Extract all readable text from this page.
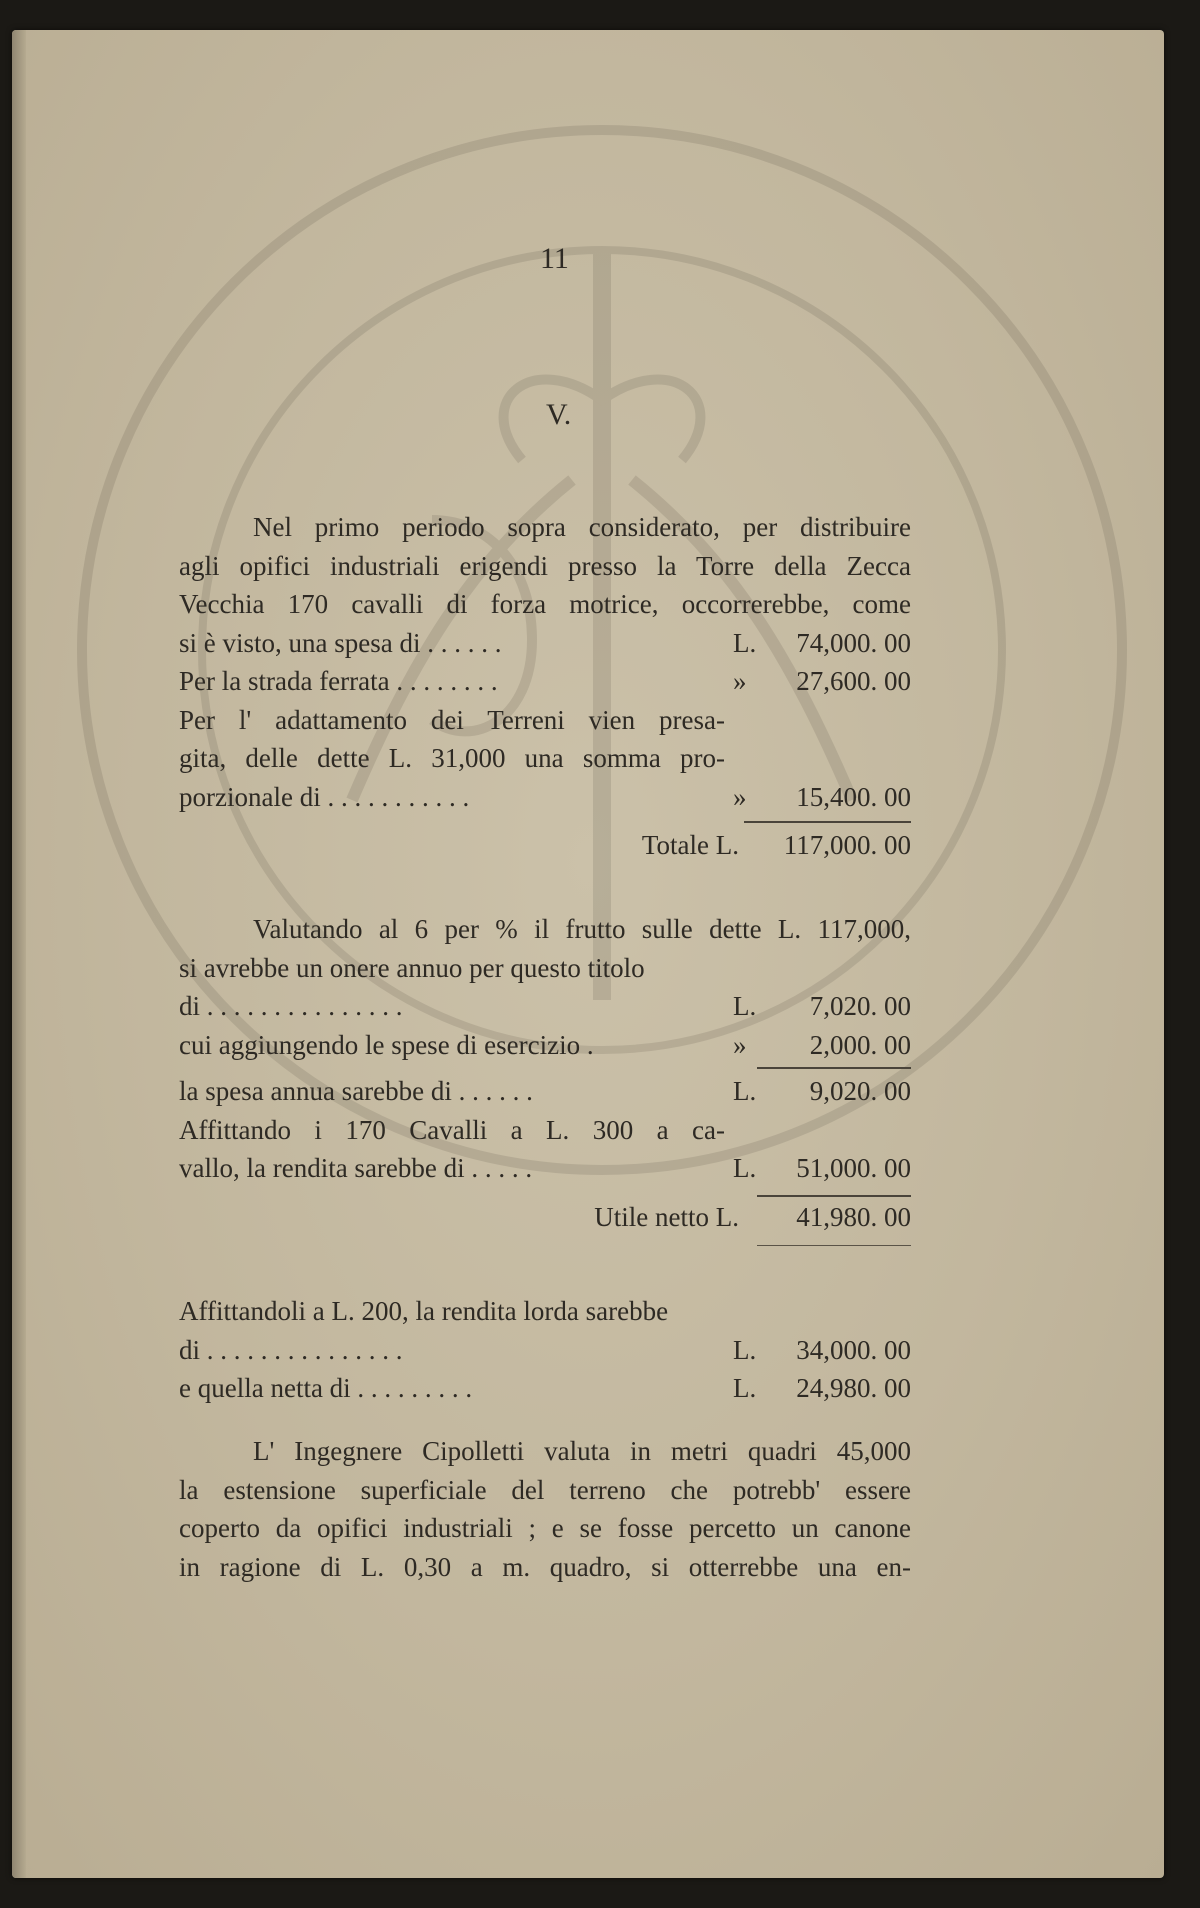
11
V.
Nel primo periodo sopra considerato, per distribuire
agli opifici industriali erigendi presso la Torre della Zecca
Vecchia 170 cavalli di forza motrice, occorrerebbe, come
si è visto, una spesa di . . . . . .	L.	74,000. 00
Per la strada ferrata . . . . . . . .	»	27,600. 00
Per l' adattamento dei Terreni vien presa-
gita, delle dette L. 31,000 una somma pro-
porzionale di . . . . . . . . . . .	»	15,400. 00
Totale L. 117,000. 00
Valutando al 6 per % il frutto sulle dette L. 117,000,
si avrebbe un onere annuo per questo titolo
di . . . . . . . . . . . . . . .	L.	7,020. 00
cui aggiungendo le spese di esercizio .	»	2,000. 00
la spesa annua sarebbe di . . . . . .	L.	9,020. 00
Affittando i 170 Cavalli a L. 300 a ca-
vallo, la rendita sarebbe di . . . . .	L.	51,000. 00
Utile netto L. 41,980. 00
Affittandoli a L. 200, la rendita lorda sarebbe
di . . . . . . . . . . . . . . .	L.	34,000. 00
e quella netta di . . . . . . . . .	L.	24,980. 00
L' Ingegnere Cipolletti valuta in metri quadri 45,000
la estensione superficiale del terreno che potrebb' essere
coperto da opifici industriali ; e se fosse percetto un canone
in ragione di L. 0,30 a m. quadro, si otterrebbe una en-
